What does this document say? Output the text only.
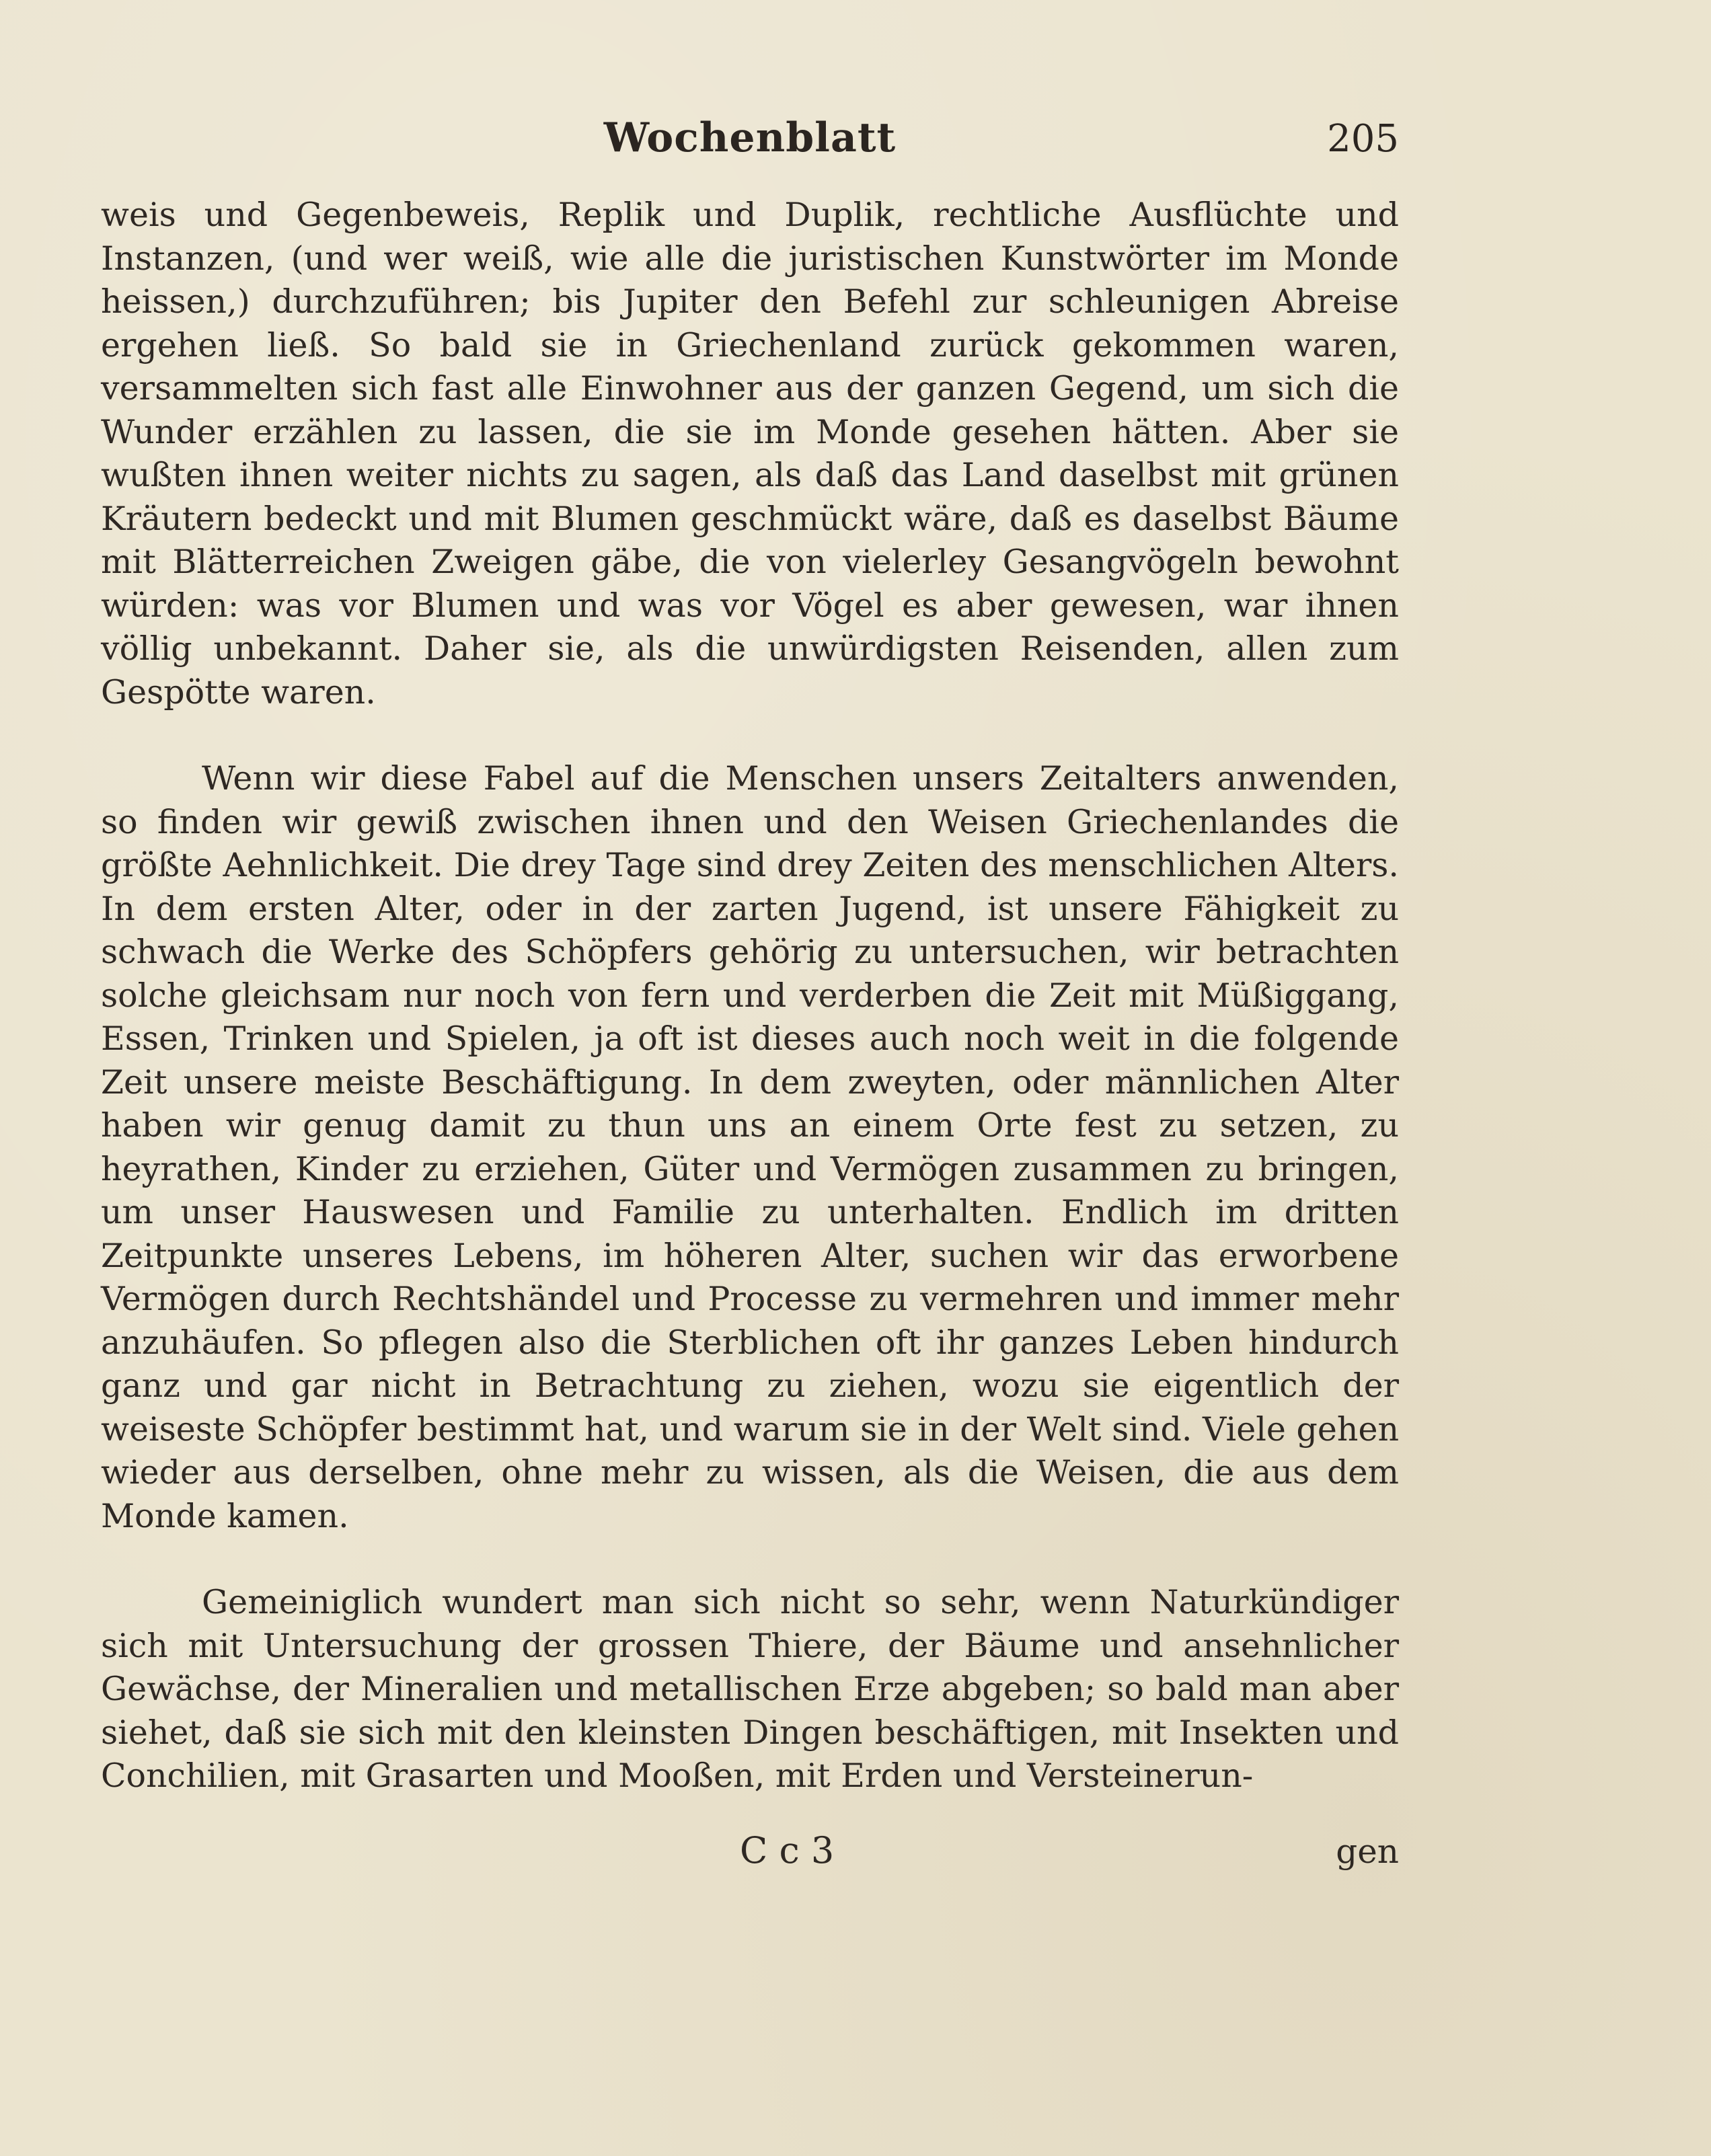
Wochenblatt	205

weis und Gegenbeweis, Replik und Duplik, rechtliche Ausflüchte und Instanzen, (und wer weiß, wie alle die juristischen Kunstwörter im Monde heissen,) durchzuführen; bis Jupiter den Befehl zur schleunigen Abreise ergehen ließ. So bald sie in Griechenland zurück gekommen waren, versammelten sich fast alle Einwohner aus der ganzen Gegend, um sich die Wunder erzählen zu lassen, die sie im Monde gesehen hätten. Aber sie wußten ihnen weiter nichts zu sagen, als daß das Land daselbst mit grünen Kräutern bedeckt und mit Blumen geschmückt wäre, daß es daselbst Bäume mit Blätterreichen Zweigen gäbe, die von vielerley Gesangvögeln bewohnt würden: was vor Blumen und was vor Vögel es aber gewesen, war ihnen völlig unbekannt. Daher sie, als die unwürdigsten Reisenden, allen zum Gespötte waren.

Wenn wir diese Fabel auf die Menschen unsers Zeitalters anwenden, so finden wir gewiß zwischen ihnen und den Weisen Griechenlandes die größte Aehnlichkeit. Die drey Tage sind drey Zeiten des menschlichen Alters. In dem ersten Alter, oder in der zarten Jugend, ist unsere Fähigkeit zu schwach die Werke des Schöpfers gehörig zu untersuchen, wir betrachten solche gleichsam nur noch von fern und verderben die Zeit mit Müßiggang, Essen, Trinken und Spielen, ja oft ist dieses auch noch weit in die folgende Zeit unsere meiste Beschäftigung. In dem zweyten, oder männlichen Alter haben wir genug damit zu thun uns an einem Orte fest zu setzen, zu heyrathen, Kinder zu erziehen, Güter und Vermögen zusammen zu bringen, um unser Hauswesen und Familie zu unterhalten. Endlich im dritten Zeitpunkte unseres Lebens, im höheren Alter, suchen wir das erworbene Vermögen durch Rechtshändel und Processe zu vermehren und immer mehr anzuhäufen. So pflegen also die Sterblichen oft ihr ganzes Leben hindurch ganz und gar nicht in Betrachtung zu ziehen, wozu sie eigentlich der weiseste Schöpfer bestimmt hat, und warum sie in der Welt sind. Viele gehen wieder aus derselben, ohne mehr zu wissen, als die Weisen, die aus dem Monde kamen.

Gemeiniglich wundert man sich nicht so sehr, wenn Naturkündiger sich mit Untersuchung der grossen Thiere, der Bäume und ansehnlicher Gewächse, der Mineralien und metallischen Erze abgeben; so bald man aber siehet, daß sie sich mit den kleinsten Dingen beschäftigen, mit Insekten und Conchilien, mit Grasarten und Mooßen, mit Erden und Versteinerun-

C c 3	gen
